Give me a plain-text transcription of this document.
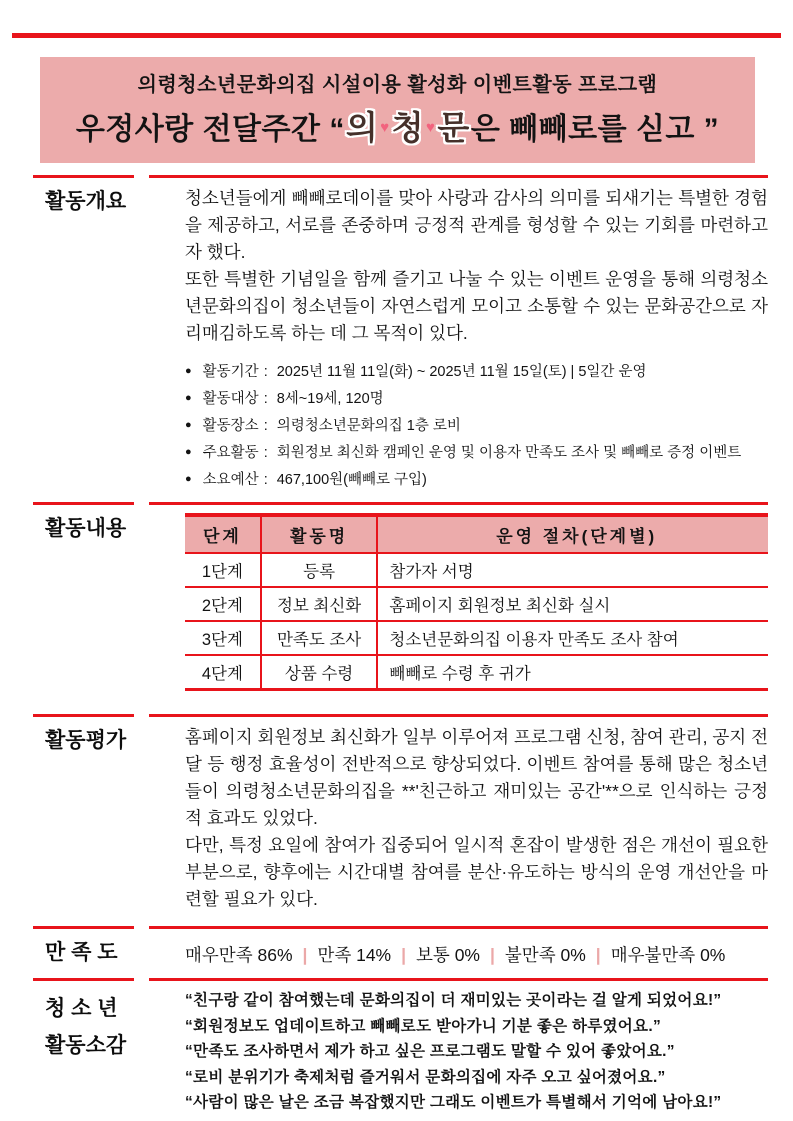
의령청소년문화의집 시설이용 활성화 이벤트활동 프로그램
우정사랑 전달주간 “의 ♥청 ♥문은 빼빼로를 싣고 ”
활동개요	청소년들에게 빼빼로데이를 맞아 사랑과 감사의 의미를 되새기는 특별한 경험을 제공하고, 서로를 존중하며 긍정적 관계를 형성할 수 있는 기회를 마련하고자 했다.

또한 특별한 기념일을 함께 즐기고 나눌 수 있는 이벤트 운영을 통해 의령청소년문화의집이 청소년들이 자연스럽게 모이고 소통할 수 있는 문화공간으로 자리매김하도록 하는 데 그 목적이 있다.

● 활동기간 : 2025년 11월 11일(화) ~ 2025년 11월 15일(토) | 5일간 운영
● 활동대상 : 8세~19세, 120명
● 활동장소 : 의령청소년문화의집 1층 로비
● 주요활동 : 회원정보 최신화 캠페인 운영 및 이용자 만족도 조사 및 빼빼로 증정 이벤트
● 소요예산 : 467,100원(빼빼로 구입)
활동내용	단계	활동명	운영 절차(단계별)
1단계	등록	참가자 서명
2단계	정보 최신화	홈페이지 회원정보 최신화 실시
3단계	만족도 조사	청소년문화의집 이용자 만족도 조사 참여
4단계	상품 수령	빼빼로 수령 후 귀가
활동평가	홈페이지 회원정보 최신화가 일부 이루어져 프로그램 신청, 참여 관리, 공지 전달 등 행정 효율성이 전반적으로 향상되었다. 이벤트 참여를 통해 많은 청소년들이 의령청소년문화의집을 **'친근하고 재미있는 공간'**으로 인식하는 긍정적 효과도 있었다.

다만, 특정 요일에 참여가 집중되어 일시적 혼잡이 발생한 점은 개선이 필요한 부분으로, 향후에는 시간대별 참여를 분산·유도하는 방식의 운영 개선안을 마련할 필요가 있다.

만 족 도	매우만족 86% | 만족 14% | 보통 0% | 불만족 0% | 매우불만족 0%
청 소 년
활동소감
“친구랑 같이 참여했는데 문화의집이 더 재미있는 곳이라는 걸 알게 되었어요!”
“회원정보도 업데이트하고 빼빼로도 받아가니 기분 좋은 하루였어요.”
“만족도 조사하면서 제가 하고 싶은 프로그램도 말할 수 있어 좋았어요.”
“로비 분위기가 축제처럼 즐거워서 문화의집에 자주 오고 싶어졌어요.”
“사람이 많은 날은 조금 복잡했지만 그래도 이벤트가 특별해서 기억에 남아요!”
